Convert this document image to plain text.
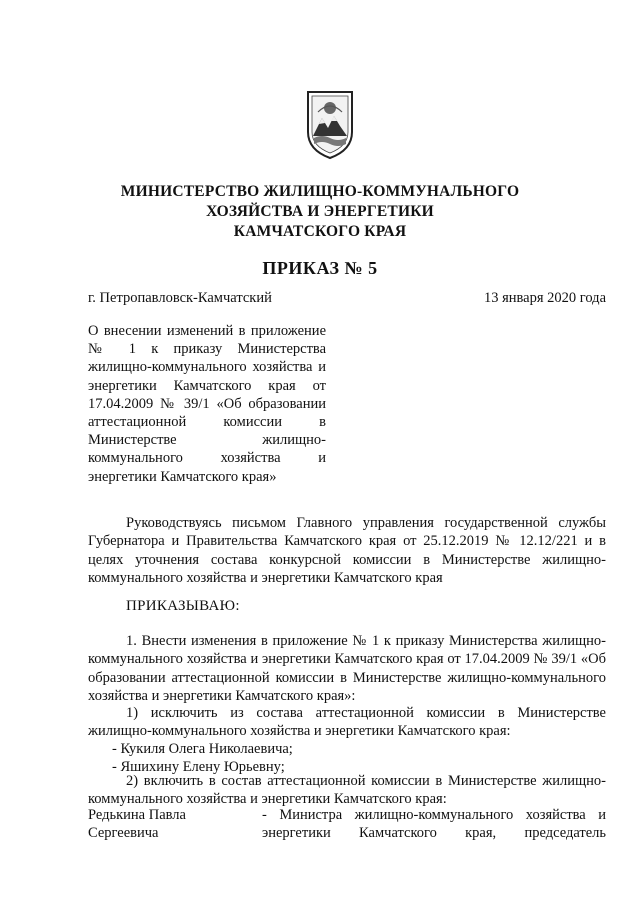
МИНИСТЕРСТВО ЖИЛИЩНО-КОММУНАЛЬНОГО
ХОЗЯЙСТВА И ЭНЕРГЕТИКИ
КАМЧАТСКОГО КРАЯ
ПРИКАЗ № 5
г. Петропавловск-Камчатский	13 января 2020 года
О внесении изменений в приложение № 1 к приказу Министерства жилищно-коммунального хозяйства и энергетики Камчатского края от 17.04.2009 № 39/1 «Об образовании аттестационной комиссии в Министерстве жилищно-коммунального хозяйства и энергетики Камчатского края»

Руководствуясь письмом Главного управления государственной службы Губернатора и Правительства Камчатского края от 25.12.2019 № 12.12/221 и в целях уточнения состава конкурсной комиссии в Министерстве жилищно-коммунального хозяйства и энергетики Камчатского края

ПРИКАЗЫВАЮ:

1. Внести изменения в приложение № 1 к приказу Министерства жилищно-коммунального хозяйства и энергетики Камчатского края от 17.04.2009 № 39/1 «Об образовании аттестационной комиссии в Министерстве жилищно-коммунального хозяйства и энергетики Камчатского края»:

1) исключить из состава аттестационной комиссии в Министерстве жилищно-коммунального хозяйства и энергетики Камчатского края:

- Кукиля Олега Николаевича;
- Яшихину Елену Юрьевну;

2) включить в состав аттестационной комиссии в Министерстве жилищно-коммунального хозяйства и энергетики Камчатского края:

Редькина Павла
Сергеевича
- Министра жилищно-коммунального хозяйства и
энергетики Камчатского края, председатель
